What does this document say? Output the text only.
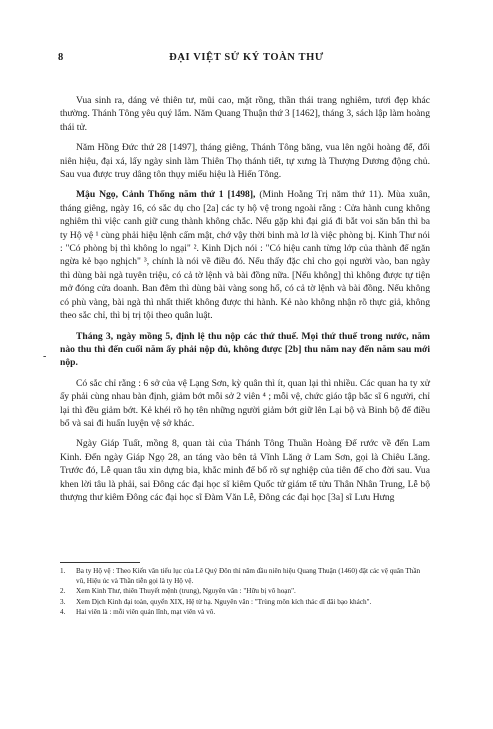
8	ĐẠI VIỆT SỬ KÝ TOÀN THƯ

Vua sinh ra, dáng vẻ thiên tư, mũi cao, mặt rồng, thần thái trang nghiêm, tươi đẹp khác thường. Thánh Tông yêu quý lắm. Năm Quang Thuận thứ 3 [1462], tháng 3, sách lập làm hoàng thái tử.

Năm Hồng Đức thứ 28 [1497], tháng giêng, Thánh Tông băng, vua lên ngôi hoàng đế, đổi niên hiệu, đại xá, lấy ngày sinh làm Thiên Thọ thánh tiết, tự xưng là Thượng Dương động chủ. Sau vua được truy dâng tôn thụy miếu hiệu là Hiến Tông.

Mậu Ngọ, Cảnh Thống năm thứ 1 [1498], (Minh Hoằng Trị năm thứ 11). Mùa xuân, tháng giêng, ngày 16, có sắc dụ cho [2a] các ty hộ vệ trong ngoài rằng : Cửa hành cung không nghiêm thì việc canh giữ cung thành không chắc. Nếu gặp khi đại giá đi bắt voi săn bắn thì ba ty Hộ vệ ¹ cùng phải hiệu lệnh cấm mật, chớ vậy thời binh mà lơ là việc phòng bị. Kinh Thư nói : "Có phòng bị thì không lo ngại" ². Kinh Dịch nói : "Có hiệu canh từng lớp của thành để ngăn ngừa kẻ bạo nghịch" ³, chính là nói về điều đó. Nếu thấy đặc chỉ cho gọi người vào, ban ngày thì dùng bài ngà tuyên triệu, có cả tờ lệnh và bài đồng nữa. [Nếu không] thì không được tự tiện mở đóng cửa doanh. Ban đêm thì dùng bài vàng song hổ, có cả tờ lệnh và bài đồng. Nếu không có phù vàng, bài ngà thì nhất thiết không được thi hành. Kẻ nào không nhận rõ thực giả, không theo sắc chỉ, thì bị trị tội theo quân luật.

Tháng 3, ngày mồng 5, định lệ thu nộp các thứ thuế. Mọi thứ thuế trong nước, năm nào thu thì đến cuối năm ấy phải nộp đủ, không được [2b] thu năm nay đến năm sau mới nộp.

Có sắc chỉ rằng : 6 sở của vệ Lạng Sơn, kỳ quân thì ít, quan lại thì nhiều. Các quan ha ty xử ấy phải cùng nhau bàn định, giảm bớt mỗi sở 2 viên ⁴ ; mỗi vệ, chức giáo tập bắc sĩ 6 người, chỉ lại thì đều giảm bớt. Kẻ khéi rõ họ tên những người giảm bớt giữ lên Lại bộ và Binh bộ để điều bổ và sai đi huấn luyện vệ sở khác.

Ngày Giáp Tuất, mồng 8, quan tài của Thánh Tông Thuần Hoàng Đế rước về đến Lam Kinh. Đến ngày Giáp Ngọ 28, an táng vào bên tả Vĩnh Lăng ở Lam Sơn, gọi là Chiêu Lăng. Trước đó, Lễ quan tâu xin dựng bia, khắc minh để bố rõ sự nghiệp của tiên đế cho đời sau. Vua khen lời tâu là phải, sai Đông các đại học sĩ kiêm Quốc tử giám tế tửu Thân Nhân Trung, Lễ bộ thượng thư kiêm Đông các đại học sĩ Đàm Văn Lễ, Đông các đại học [3a] sĩ Lưu Hưng

-
1.	Ba ty Hộ vệ : Theo Kiến văn tiểu lục của Lê Quý Đôn thì năm đầu niên hiệu Quang Thuận (1460) đặt các vệ quân Thần vũ, Hiệu úc và Thần tiễn gọi là ty Hộ vệ.
2.	Xem Kinh Thư, thiên Thuyết mệnh (trung), Nguyên văn : "Hữu bị vô hoạn".
3.	Xem Dịch Kinh đại toàn, quyển XIX, Hệ từ hạ. Nguyên văn : "Trùng môn kích thác dĩ đãi bạo khách".
4.	Hai viên là : mỗi viên quản lĩnh, mạt viên và võ.
